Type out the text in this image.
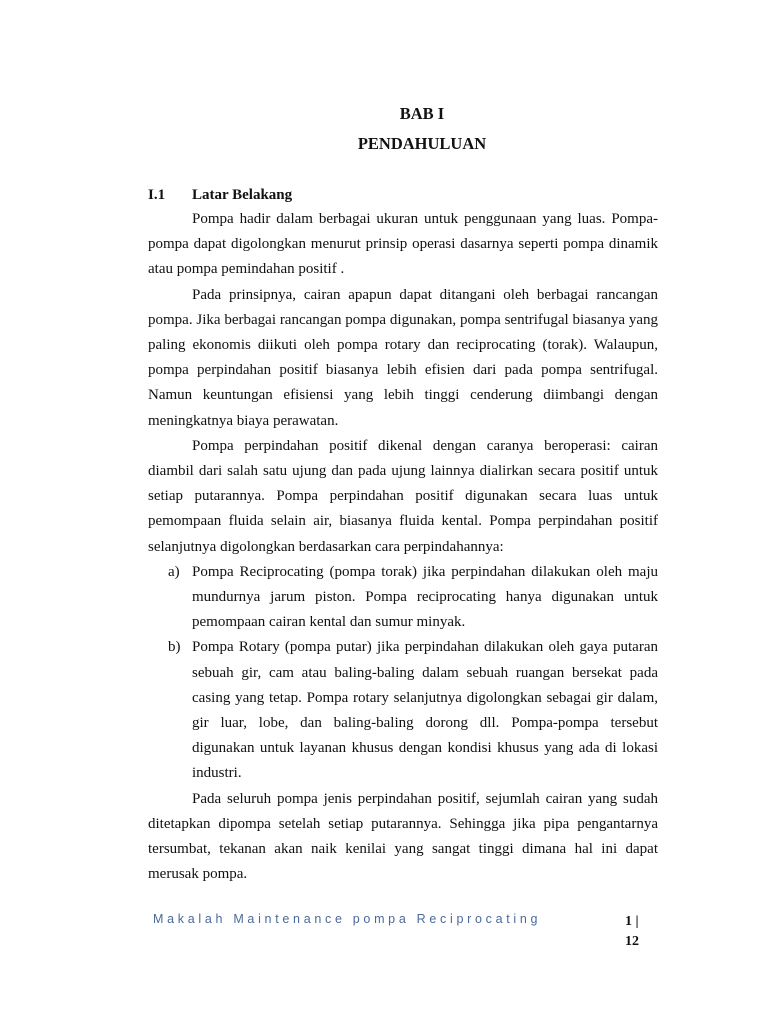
BAB I
PENDAHULUAN
I.1 Latar Belakang

Pompa hadir dalam berbagai ukuran untuk penggunaan yang luas. Pompa-pompa dapat digolongkan menurut prinsip operasi dasarnya seperti pompa dinamik atau pompa pemindahan positif .

Pada prinsipnya, cairan apapun dapat ditangani oleh berbagai rancangan pompa. Jika berbagai rancangan pompa digunakan, pompa sentrifugal biasanya yang paling ekonomis diikuti oleh pompa rotary dan reciprocating (torak). Walaupun, pompa perpindahan positif biasanya lebih efisien dari pada pompa sentrifugal. Namun keuntungan efisiensi yang lebih tinggi cenderung diimbangi dengan meningkatnya biaya perawatan.

Pompa perpindahan positif dikenal dengan caranya beroperasi: cairan diambil dari salah satu ujung dan pada ujung lainnya dialirkan secara positif untuk setiap putarannya. Pompa perpindahan positif digunakan secara luas untuk pemompaan fluida selain air, biasanya fluida kental. Pompa perpindahan positif selanjutnya digolongkan berdasarkan cara perpindahannya:

a) Pompa Reciprocating (pompa torak) jika perpindahan dilakukan oleh maju mundurnya jarum piston. Pompa reciprocating hanya digunakan untuk pemompaan cairan kental dan sumur minyak.
b) Pompa Rotary (pompa putar) jika perpindahan dilakukan oleh gaya putaran sebuah gir, cam atau baling-baling dalam sebuah ruangan bersekat pada casing yang tetap. Pompa rotary selanjutnya digolongkan sebagai gir dalam, gir luar, lobe, dan baling-baling dorong dll. Pompa-pompa tersebut digunakan untuk layanan khusus dengan kondisi khusus yang ada di lokasi industri.

Pada seluruh pompa jenis perpindahan positif, sejumlah cairan yang sudah ditetapkan dipompa setelah setiap putarannya. Sehingga jika pipa pengantarnya tersumbat, tekanan akan naik kenilai yang sangat tinggi dimana hal ini dapat merusak pompa.

Makalah Maintenance pompa Reciprocating	1 |
12
